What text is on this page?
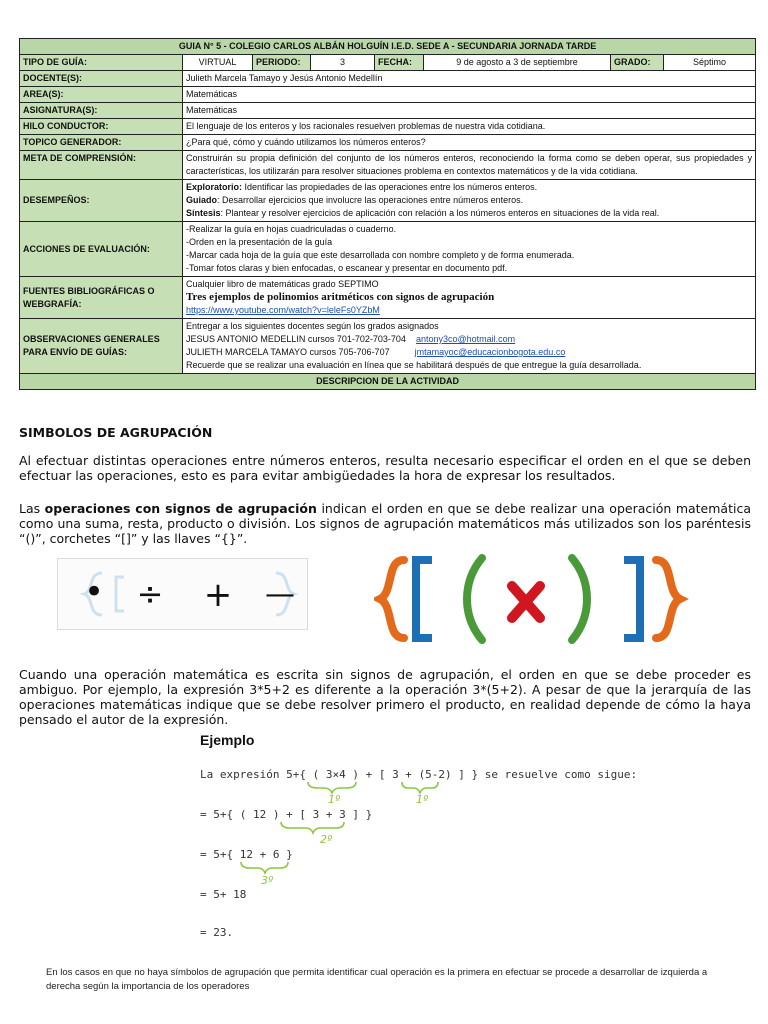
GUIA N° 5 - COLEGIO CARLOS ALBÁN HOLGUÍN I.E.D. SEDE A - SECUNDARIA JORNADA TARDE							
TIPO DE GUÍA:	VIRTUAL	PERIODO:	3	FECHA:	9 de agosto a 3 de septiembre	GRADO:	Séptimo
DOCENTE(S):	Julieth Marcela Tamayo y Jesús Antonio Medellín						
AREA(S):	Matemáticas						
ASIGNATURA(S):	Matemáticas						
HILO CONDUCTOR:	El lenguaje de los enteros y los racionales resuelven problemas de nuestra vida cotidiana.						
TOPICO GENERADOR:	¿Para qué, cómo y cuándo utilizamos los números enteros?						
META DE COMPRENSIÓN:	Construirán su propia definición del conjunto de los números enteros, reconociendo la forma como se deben operar, sus propiedades y características, los utilizarán para resolver situaciones problema en contextos matemáticos y de la vida cotidiana.						
DESEMPEÑOS:	Exploratorio: Identificar las propiedades de las operaciones entre los números enteros.
Guiado: Desarrollar ejercicios que involucre las operaciones entre números enteros.
Síntesis: Plantear y resolver ejercicios de aplicación con relación a los números enteros en situaciones de la vida real.						

ACCIONES DE EVALUACIÓN:	-Realizar la guía en hojas cuadriculadas o cuaderno.
-Orden en la presentación de la guía
-Marcar cada hoja de la guía que este desarrollada con nombre completo y de forma enumerada.
-Tomar fotos claras y bien enfocadas, o escanear y presentar en documento pdf.						

FUENTES BIBLIOGRÁFICAS O WEBGRAFÍA:	Cualquier libro de matemáticas grado SEPTIMO
Tres ejemplos de polinomios aritméticos con signos de agrupación
https://www.youtube.com/watch?v=leleFs0YZbM						

OBSERVACIONES GENERALES PARA ENVÍO DE GUÍAS:	Entregar a los siguientes docentes según los grados asignados
JESUS ANTONIO MEDELLIN cursos 701-702-703-704 antony3co@hotmail.com
JULIETH MARCELA TAMAYO cursos 705-706-707 jmtamayoc@educacionbogota.edu.co
Recuerde que se realizar una evaluación en línea que se habilitará después de que entregue la guía desarrollada.						

DESCRIPCION DE LA ACTIVIDAD							
SIMBOLOS DE AGRUPACIÓN
Al efectuar distintas operaciones entre números enteros, resulta necesario especificar el orden en el que se deben efectuar las operaciones, esto es para evitar ambigüedades la hora de expresar los resultados.
Las operaciones con signos de agrupación indican el orden en que se debe realizar una operación matemática como una suma, resta, producto o división. Los signos de agrupación matemáticos más utilizados son los paréntesis “()”, corchetes “[]” y las llaves “{}”.
• ÷ + —
Cuando una operación matemática es escrita sin signos de agrupación, el orden en que se debe proceder es ambiguo. Por ejemplo, la expresión 3*5+2 es diferente a la operación 3*(5+2). A pesar de que la jerarquía de las operaciones matemáticas indique que se debe resolver primero el producto, en realidad depende de cómo la haya pensado el autor de la expresión.
Ejemplo
La expresión 5+{ ( 3×4 ) + [ 3 + (5-2) ] } se resuelve como sigue:
1º	1º
= 5+{ ( 12 ) + [ 3 + 3 ] }
2º
= 5+{ 12 + 6 }
3º
= 5+ 18
= 23.
En los casos en que no haya símbolos de agrupación que permita identificar cual operación es la primera en efectuar se procede a desarrollar de izquierda a derecha según la importancia de los operadores
